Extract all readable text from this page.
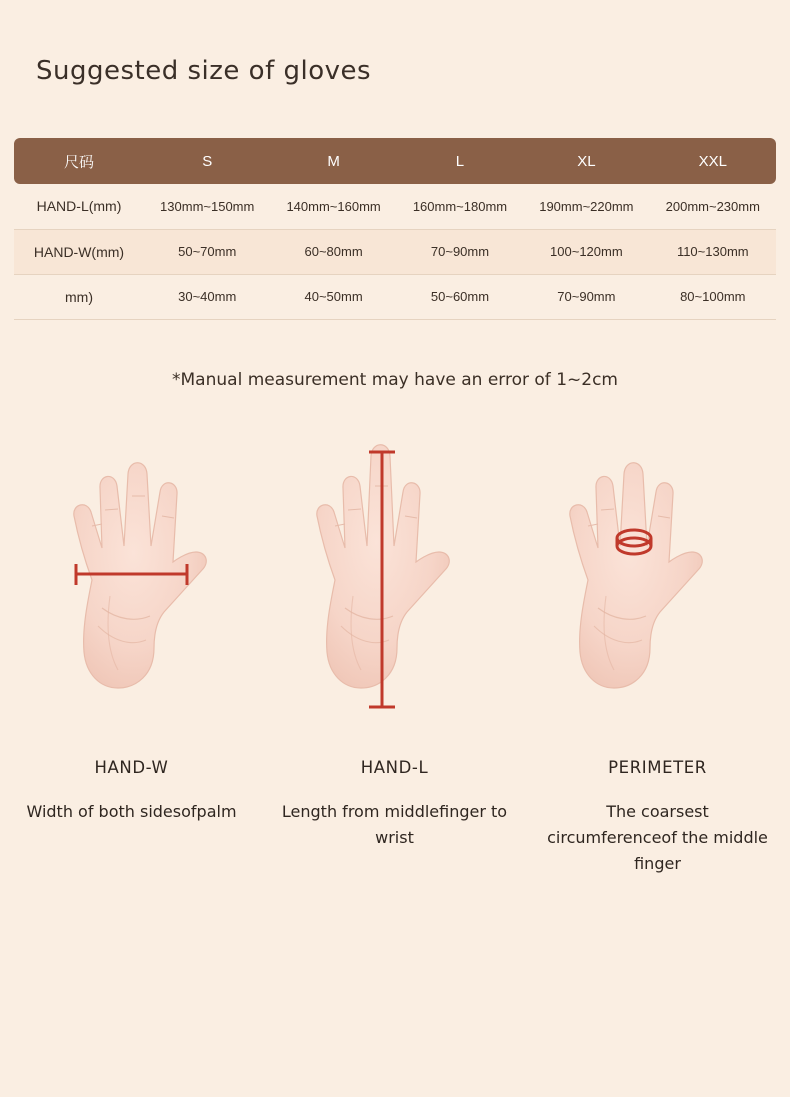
Suggested size of gloves
尺码	S	M	L	XL	XXL
HAND-L(mm)	130mm~150mm	140mm~160mm	160mm~180mm	190mm~220mm	200mm~230mm
HAND-W(mm)	50~70mm	60~80mm	70~90mm	100~120mm	110~130mm
mm)	30~40mm	40~50mm	50~60mm	70~90mm	80~100mm
*Manual measurement may have an error of 1~2cm
HAND-W
Width of both sidesofpalm
HAND-L
Length from middlefinger to wrist
PERIMETER
The coarsest circumferenceof the middle finger
